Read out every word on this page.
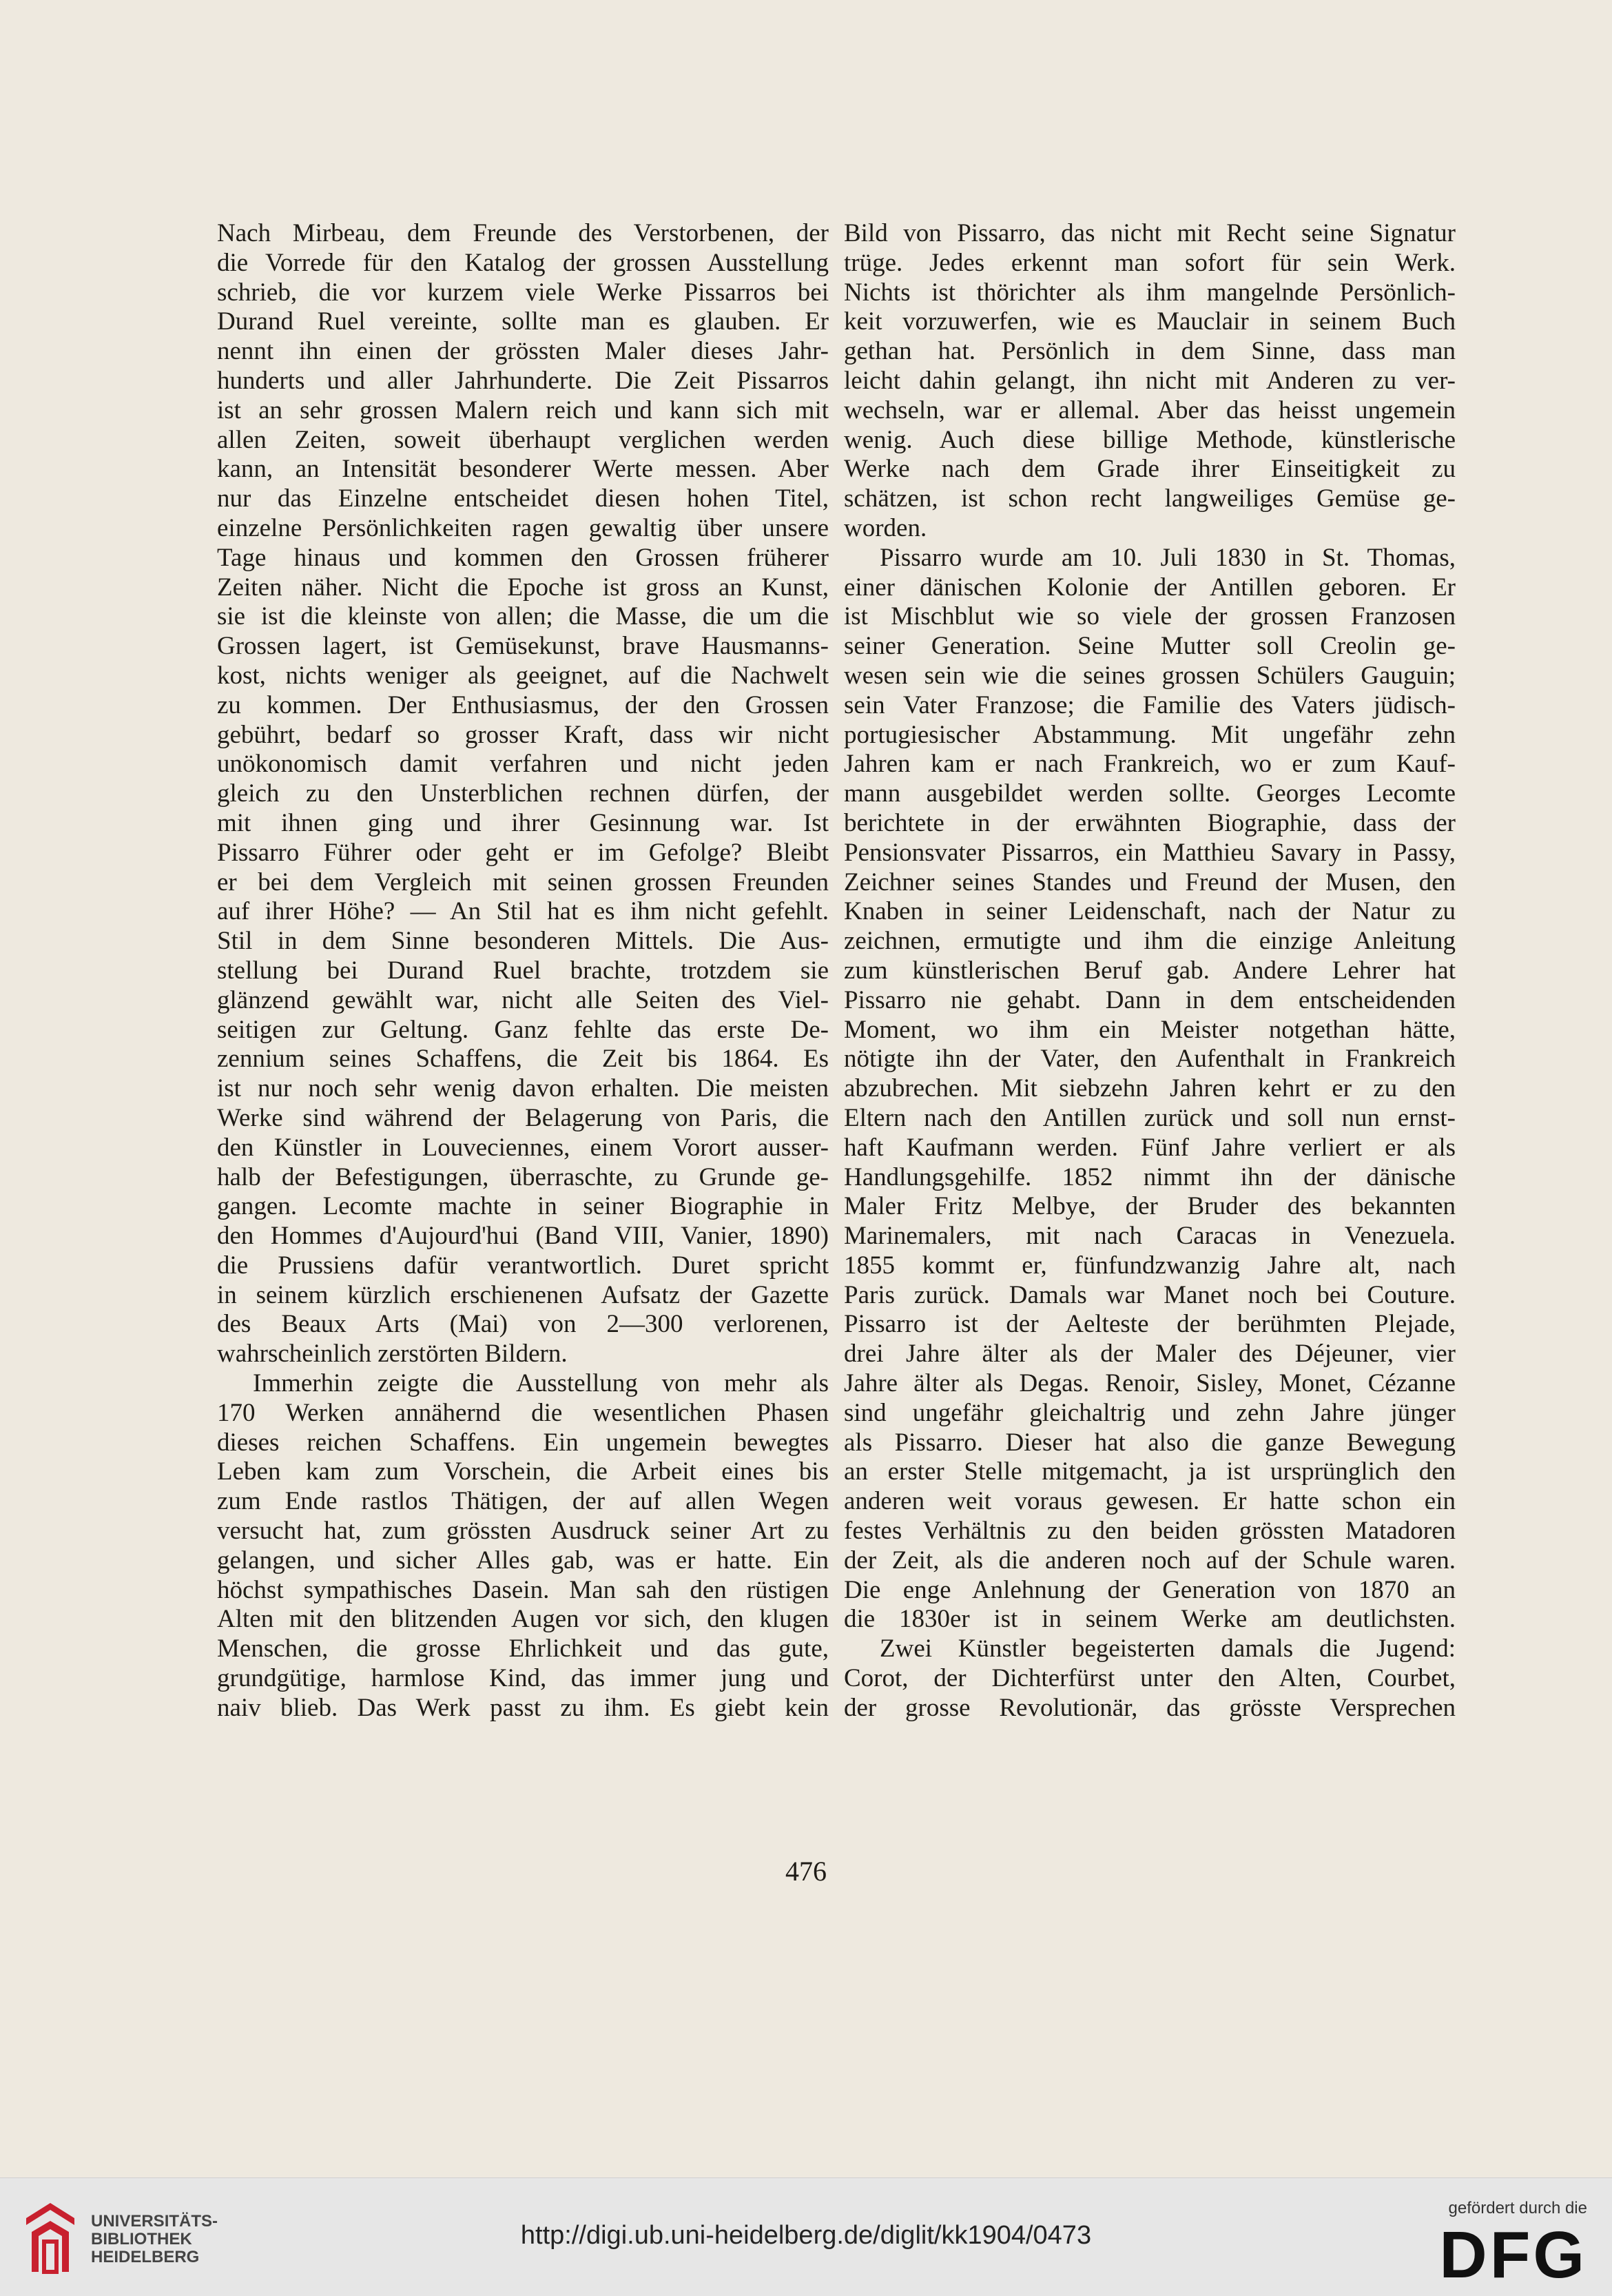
Nach Mirbeau, dem Freunde des Verstorbenen, der
die Vorrede für den Katalog der grossen Ausstellung
schrieb, die vor kurzem viele Werke Pissarros bei
Durand Ruel vereinte, sollte man es glauben. Er
nennt ihn einen der grössten Maler dieses Jahr-
hunderts und aller Jahrhunderte. Die Zeit Pissarros
ist an sehr grossen Malern reich und kann sich mit
allen Zeiten, soweit überhaupt verglichen werden
kann, an Intensität besonderer Werte messen. Aber
nur das Einzelne entscheidet diesen hohen Titel,
einzelne Persönlichkeiten ragen gewaltig über unsere
Tage hinaus und kommen den Grossen früherer
Zeiten näher. Nicht die Epoche ist gross an Kunst,
sie ist die kleinste von allen; die Masse, die um die
Grossen lagert, ist Gemüsekunst, brave Hausmanns-
kost, nichts weniger als geeignet, auf die Nachwelt
zu kommen. Der Enthusiasmus, der den Grossen
gebührt, bedarf so grosser Kraft, dass wir nicht
unökonomisch damit verfahren und nicht jeden
gleich zu den Unsterblichen rechnen dürfen, der
mit ihnen ging und ihrer Gesinnung war. Ist
Pissarro Führer oder geht er im Gefolge? Bleibt
er bei dem Vergleich mit seinen grossen Freunden
auf ihrer Höhe? — An Stil hat es ihm nicht gefehlt.
Stil in dem Sinne besonderen Mittels. Die Aus-
stellung bei Durand Ruel brachte, trotzdem sie
glänzend gewählt war, nicht alle Seiten des Viel-
seitigen zur Geltung. Ganz fehlte das erste De-
zennium seines Schaffens, die Zeit bis 1864. Es
ist nur noch sehr wenig davon erhalten. Die meisten
Werke sind während der Belagerung von Paris, die
den Künstler in Louveciennes, einem Vorort ausser-
halb der Befestigungen, überraschte, zu Grunde ge-
gangen. Lecomte machte in seiner Biographie in
den Hommes d'Aujourd'hui (Band VIII, Vanier, 1890)
die Prussiens dafür verantwortlich. Duret spricht
in seinem kürzlich erschienenen Aufsatz der Gazette
des Beaux Arts (Mai) von 2—300 verlorenen,
wahrscheinlich zerstörten Bildern.
Immerhin zeigte die Ausstellung von mehr als
170 Werken annähernd die wesentlichen Phasen
dieses reichen Schaffens. Ein ungemein bewegtes
Leben kam zum Vorschein, die Arbeit eines bis
zum Ende rastlos Thätigen, der auf allen Wegen
versucht hat, zum grössten Ausdruck seiner Art zu
gelangen, und sicher Alles gab, was er hatte. Ein
höchst sympathisches Dasein. Man sah den rüstigen
Alten mit den blitzenden Augen vor sich, den klugen
Menschen, die grosse Ehrlichkeit und das gute,
grundgütige, harmlose Kind, das immer jung und
naiv blieb. Das Werk passt zu ihm. Es giebt kein
Bild von Pissarro, das nicht mit Recht seine Signatur
trüge. Jedes erkennt man sofort für sein Werk.
Nichts ist thörichter als ihm mangelnde Persönlich-
keit vorzuwerfen, wie es Mauclair in seinem Buch
gethan hat. Persönlich in dem Sinne, dass man
leicht dahin gelangt, ihn nicht mit Anderen zu ver-
wechseln, war er allemal. Aber das heisst ungemein
wenig. Auch diese billige Methode, künstlerische
Werke nach dem Grade ihrer Einseitigkeit zu
schätzen, ist schon recht langweiliges Gemüse ge-
worden.
Pissarro wurde am 10. Juli 1830 in St. Thomas,
einer dänischen Kolonie der Antillen geboren. Er
ist Mischblut wie so viele der grossen Franzosen
seiner Generation. Seine Mutter soll Creolin ge-
wesen sein wie die seines grossen Schülers Gauguin;
sein Vater Franzose; die Familie des Vaters jüdisch-
portugiesischer Abstammung. Mit ungefähr zehn
Jahren kam er nach Frankreich, wo er zum Kauf-
mann ausgebildet werden sollte. Georges Lecomte
berichtete in der erwähnten Biographie, dass der
Pensionsvater Pissarros, ein Matthieu Savary in Passy,
Zeichner seines Standes und Freund der Musen, den
Knaben in seiner Leidenschaft, nach der Natur zu
zeichnen, ermutigte und ihm die einzige Anleitung
zum künstlerischen Beruf gab. Andere Lehrer hat
Pissarro nie gehabt. Dann in dem entscheidenden
Moment, wo ihm ein Meister notgethan hätte,
nötigte ihn der Vater, den Aufenthalt in Frankreich
abzubrechen. Mit siebzehn Jahren kehrt er zu den
Eltern nach den Antillen zurück und soll nun ernst-
haft Kaufmann werden. Fünf Jahre verliert er als
Handlungsgehilfe. 1852 nimmt ihn der dänische
Maler Fritz Melbye, der Bruder des bekannten
Marinemalers, mit nach Caracas in Venezuela.
1855 kommt er, fünfundzwanzig Jahre alt, nach
Paris zurück. Damals war Manet noch bei Couture.
Pissarro ist der Aelteste der berühmten Plejade,
drei Jahre älter als der Maler des Déjeuner, vier
Jahre älter als Degas. Renoir, Sisley, Monet, Cézanne
sind ungefähr gleichaltrig und zehn Jahre jünger
als Pissarro. Dieser hat also die ganze Bewegung
an erster Stelle mitgemacht, ja ist ursprünglich den
anderen weit voraus gewesen. Er hatte schon ein
festes Verhältnis zu den beiden grössten Matadoren
der Zeit, als die anderen noch auf der Schule waren.
Die enge Anlehnung der Generation von 1870 an
die 1830er ist in seinem Werke am deutlichsten.
Zwei Künstler begeisterten damals die Jugend:
Corot, der Dichterfürst unter den Alten, Courbet,
der grosse Revolutionär, das grösste Versprechen
476
UNIVERSITÄTS-
BIBLIOTHEK
HEIDELBERG
http://digi.ub.uni-heidelberg.de/diglit/kk1904/0473
gefördert durch die
DFG
